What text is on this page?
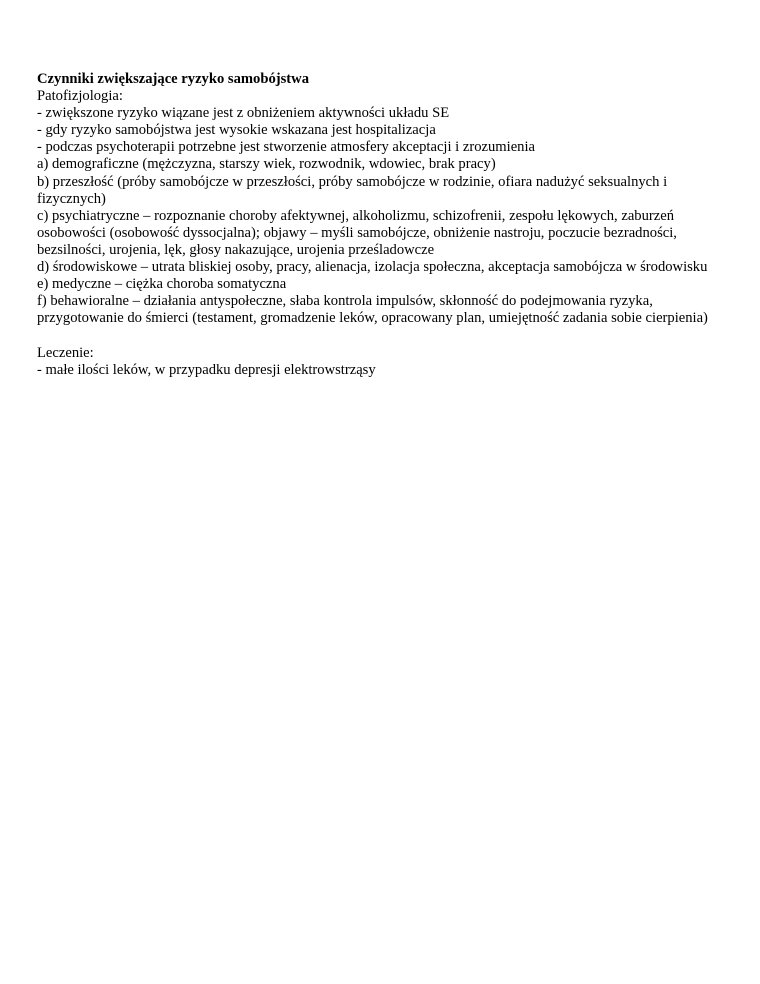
Czynniki zwiększające ryzyko samobójstwa

Patofizjologia:

- zwiększone ryzyko wiązane jest z obniżeniem aktywności układu SE

- gdy ryzyko samobójstwa jest wysokie wskazana jest hospitalizacja

- podczas psychoterapii potrzebne jest stworzenie atmosfery akceptacji i zrozumienia

a) demograficzne (mężczyzna, starszy wiek, rozwodnik, wdowiec, brak pracy)

b) przeszłość (próby samobójcze w przeszłości, próby samobójcze w rodzinie, ofiara nadużyć seksualnych i fizycznych)

c) psychiatryczne – rozpoznanie choroby afektywnej, alkoholizmu, schizofrenii, zespołu lękowych, zaburzeń osobowości (osobowość dyssocjalna); objawy – myśli samobójcze, obniżenie nastroju, poczucie bezradności, bezsilności, urojenia, lęk, głosy nakazujące, urojenia prześladowcze

d) środowiskowe – utrata bliskiej osoby, pracy, alienacja, izolacja społeczna, akceptacja samobójcza w środowisku

e) medyczne – ciężka choroba somatyczna

f) behawioralne – działania antyspołeczne, słaba kontrola impulsów, skłonność do podejmowania ryzyka, przygotowanie do śmierci (testament, gromadzenie leków, opracowany plan, umiejętność zadania sobie cierpienia)

Leczenie:

- małe ilości leków, w przypadku depresji elektrowstrząsy
